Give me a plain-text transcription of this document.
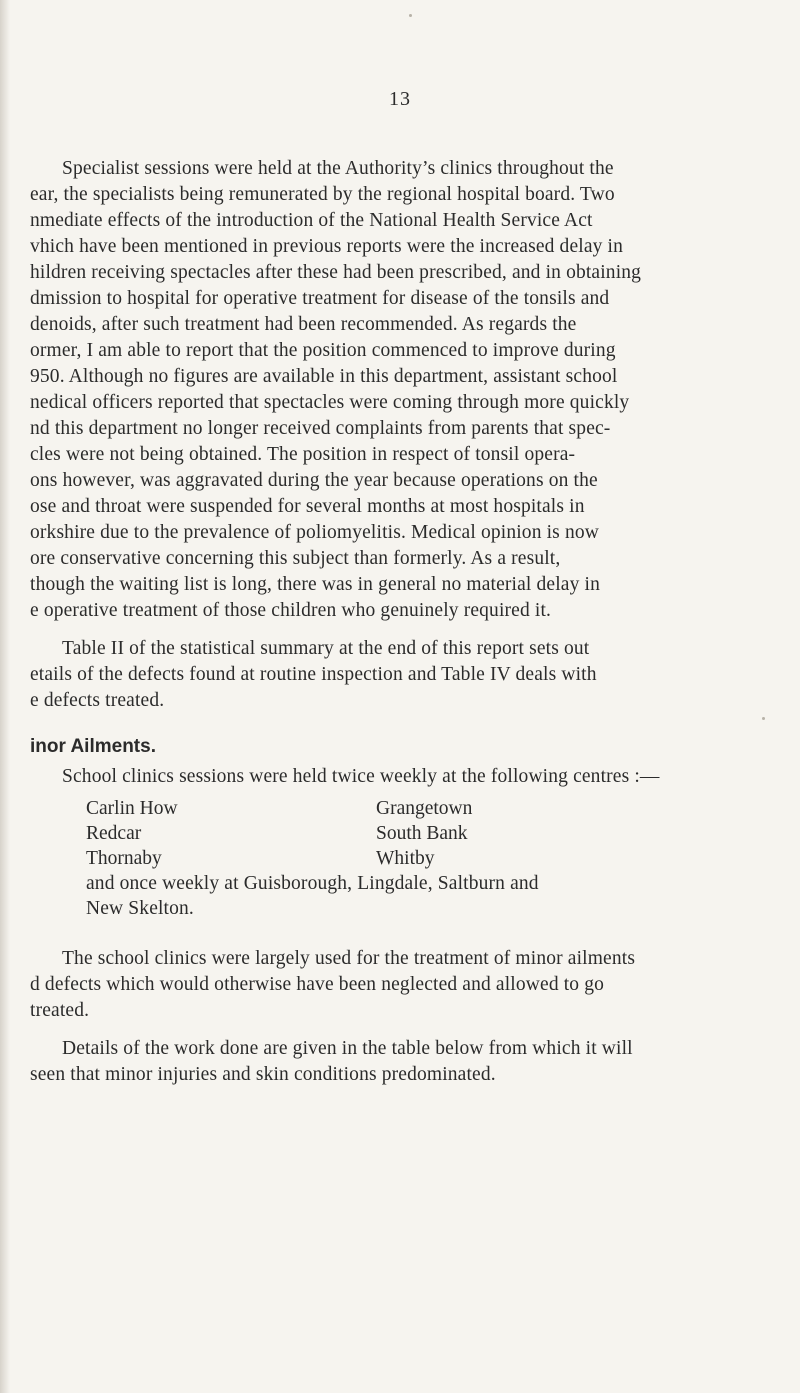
13
Specialist sessions were held at the Authority’s clinics throughout the
ear, the specialists being remunerated by the regional hospital board. Two
nmediate effects of the introduction of the National Health Service Act
vhich have been mentioned in previous reports were the increased delay in
hildren receiving spectacles after these had been prescribed, and in obtaining
dmission to hospital for operative treatment for disease of the tonsils and
denoids, after such treatment had been recommended. As regards the
ormer, I am able to report that the position commenced to improve during
950. Although no figures are available in this department, assistant school
nedical officers reported that spectacles were coming through more quickly
nd this department no longer received complaints from parents that spec-
cles were not being obtained. The position in respect of tonsil opera-
ons however, was aggravated during the year because operations on the
ose and throat were suspended for several months at most hospitals in
orkshire due to the prevalence of poliomyelitis. Medical opinion is now
ore conservative concerning this subject than formerly. As a result,
though the waiting list is long, there was in general no material delay in
e operative treatment of those children who genuinely required it.
Table II of the statistical summary at the end of this report sets out
etails of the defects found at routine inspection and Table IV deals with
e defects treated.
inor Ailments.
School clinics sessions were held twice weekly at the following centres :—
Carlin How	Grangetown
Redcar	South Bank
Thornaby	Whitby
and once weekly at Guisborough, Lingdale, Saltburn and
New Skelton.
The school clinics were largely used for the treatment of minor ailments
d defects which would otherwise have been neglected and allowed to go
treated.
Details of the work done are given in the table below from which it will
seen that minor injuries and skin conditions predominated.
